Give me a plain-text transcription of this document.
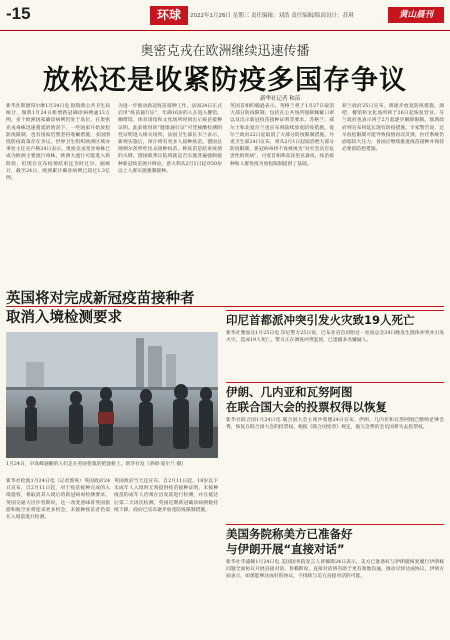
-15	环球	2022年1月26日 星期三 责任编辑：刘浩 责任编辑/版面设计：苏琪	黄山晨刊
奥密克戎在欧洲继续迅速传播
放松还是收紧防疫多国存争议
新华社记者 和苗
新华社斯德哥尔摩1月24日电 据瑞典公共卫生局统计，瑞典1月24日新增新冠确诊病例逾13万例，多个欧洲国家确诊病例仍处于高位。在奥密克戎毒株迅速蔓延的情况下，一些国家开始放松防疫限制，也有国家仍然坚持收紧措施，多国围绕防疫政策存在争议。世界卫生组织欧洲区域办事处主任克卢格24日表示，奥密克戎变异毒株已成为欧洲主要流行毒株，欧洲大流行可能进入新阶段，但现在宣布疫情结束还为时过早。据统计，截至24日，欧洲累计确诊病例已超过1.3亿例。
为进一步推动新冠疫苗接种工作，法国24日正式启用“疫苗通行证”，年满16岁的人在进入餐馆、咖啡馆、体育场馆和文化场所时须出示疫苗接种证明。此前使用的“健康通行证”可凭核酸检测阴性证明进入相关场所。法国卫生部长韦兰表示，新规实施后，预计将有更多人接种疫苗。德国总理朔尔茨呼吁民众接种疫苗，称疫苗是结束疫情的关键。德国联邦议院将就是否实施普遍强制接种新冠疫苗展开辩论。意大利从2月1日起对50岁以上人群实施强制接种。
英国首相约翰逊表示，英格兰将于1月27日取消大部分防疫限制，包括在公共场所强制佩戴口罩以及出示新冠疫苗接种证明等要求。苏格兰、威尔士和北爱尔兰也宣布将陆续放宽防疫措施。爱尔兰政府22日起取消了大部分防疫限制措施。丹麦卫生部24日宣布，将从2月1日起取消绝大部分防疫限制，新冠病毒将不再被视为“对社会具有危害性的疾病”。丹麦首相弗雷泽里克森说，疫苗接种和人群免疫为放松限制提供了基础。
荷兰政府25日宣布，将逐步放宽防疫措施，酒吧、餐馆和文化场所将于26日起恢复营业。芬兰政府也表示将于2月起逐步解除限制。瑞典政府则宣布将延长现有防疫措施。专家警告说，过早放松限制可能导致疫情再次反弹，医疗系统仍面临较大压力，各国应继续推进疫苗接种并保持必要的防控措施。
英国将对完成新冠疫苗接种者
取消入境检测要求
1月24日，早高峰通勤的人们走在英国伦敦的伦敦桥上。新华社发（蒂姆·爱尔兰 摄）
新华社伦敦1月24日电（记者郭爽）英国政府24日宣布，自2月11日起，对于疫苗接种完成的入境旅客，将取消其入境后的新冠病毒检测要求。英国交通大臣沙普斯说，这一改变意味着英国旅游和航空业将迎来更多机会，未接种疫苗者仍需在入境前进行检测。
英国政府当天还宣布，自2月11日起，18岁以下未成年人入境时无须提供疫苗接种证明，未接种疫苗的成年人仍须在出发前进行检测，并在抵达后第二天再次检测。英国近期新冠确诊病例数持续下降，政府已宣布逐步放宽防疫限制措施。
印尼首都派冲突引发火灾致19人死亡
新华社雅加达1月25日电 印尼警方25日说，巴布亚省首府附近一处夜总会24日晚发生群体冲突并引发火灾，造成19人死亡。警方正在调查冲突起因，已逮捕多名嫌疑人。
伊朗、几内亚和瓦努阿图
在联合国大会的投票权得以恢复
新华社联合国1月24日电 联合国大会主席沙希德24日宣布，伊朗、几内亚和瓦努阿图已缴纳足够会费，恢复在联合国大会的投票权。根据《联合国宪章》规定，拖欠会费的会员国将失去投票权。
美国务院称美方已准备好
与伊朗开展“直接对话”
新华社华盛顿1月24日电 美国国务院发言人普赖斯24日表示，美方已准备好与伊朗就恢复履行伊朗核问题全面协议开展直接对话。普赖斯说，直接对话将有助于更有效地沟通，推动尽快达成协议。伊朗方面表示，如果能够达成好的协议，不排除与美方直接对话的可能。
